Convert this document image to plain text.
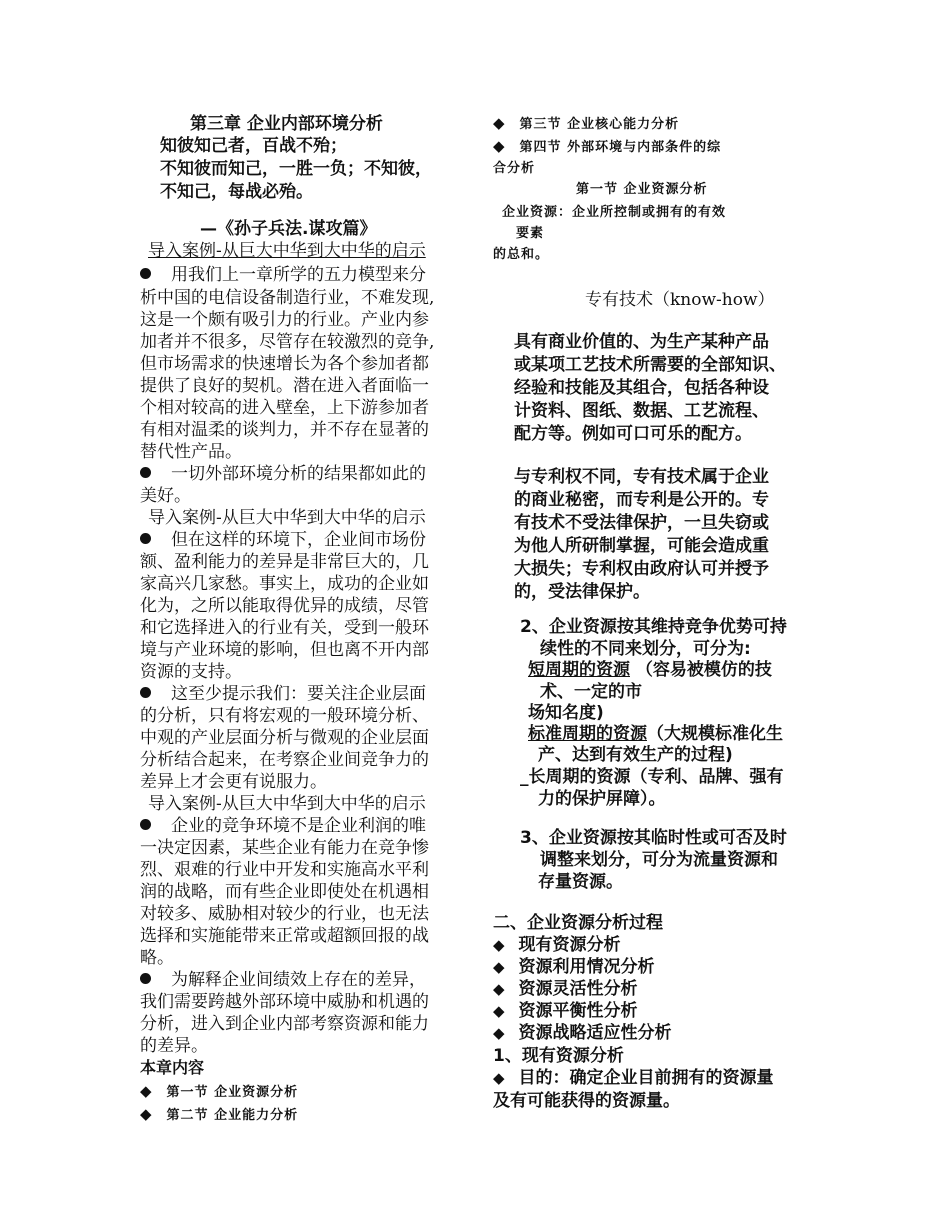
第三章 企业内部环境分析
知彼知己者，百战不殆；
不知彼而知己，一胜一负；不知彼，
不知己，每战必殆。
—《孙子兵法.谋攻篇》
导入案例-从巨大中华到大中华的启示
用我们上一章所学的五力模型来分
析中国的电信设备制造行业，不难发现,
这是一个颇有吸引力的行业。产业内参
加者并不很多，尽管存在较激烈的竞争,
但市场需求的快速增长为各个参加者都
提供了良好的契机。潜在进入者面临一
个相对较高的进入壁垒，上下游参加者
有相对温柔的谈判力，并不存在显著的
替代性产品。
一切外部环境分析的结果都如此的
美好。
导入案例-从巨大中华到大中华的启示
但在这样的环境下，企业间市场份
额、盈利能力的差异是非常巨大的，几
家高兴几家愁。事实上，成功的企业如
化为，之所以能取得优异的成绩，尽管
和它选择进入的行业有关，受到一般环
境与产业环境的影响，但也离不开内部
资源的支持。
这至少提示我们：要关注企业层面
的分析，只有将宏观的一般环境分析、
中观的产业层面分析与微观的企业层面
分析结合起来，在考察企业间竞争力的
差异上才会更有说服力。
导入案例-从巨大中华到大中华的启示
企业的竞争环境不是企业利润的唯
一决定因素，某些企业有能力在竞争惨
烈、艰难的行业中开发和实施高水平利
润的战略，而有些企业即使处在机遇相
对较多、威胁相对较少的行业，也无法
选择和实施能带来正常或超额回报的战
略。
为解释企业间绩效上存在的差异，
我们需要跨越外部环境中威胁和机遇的
分析，进入到企业内部考察资源和能力
的差异。
本章内容
◆ 第一节 企业资源分析
◆ 第二节 企业能力分析
◆ 第三节 企业核心能力分析
◆ 第四节 外部环境与内部条件的综
合分析
第一节 企业资源分析
企业资源：企业所控制或拥有的有效
要素
的总和。
专有技术（know-how）
具有商业价值的、为生产某种产品
或某项工艺技术所需要的全部知识、
经验和技能及其组合，包括各种设
计资料、图纸、数据、工艺流程、
配方等。例如可口可乐的配方。
与专利权不同，专有技术属于企业
的商业秘密，而专利是公开的。专
有技术不受法律保护，一旦失窃或
为他人所研制掌握，可能会造成重
大损失；专利权由政府认可并授予
的，受法律保护。
2、企业资源按其维持竞争优势可持
续性的不同来划分，可分为:
短周期的资源 （容易被模仿的技
术、一定的市
场知名度)
标准周期的资源（大规模标准化生
产、达到有效生产的过程)
_长周期的资源（专利、品牌、强有
力的保护屏障）。
3、企业资源按其临时性或可否及时
调整来划分，可分为流量资源和
存量资源。
二、企业资源分析过程
◆ 现有资源分析
◆ 资源利用情况分析
◆ 资源灵活性分析
◆ 资源平衡性分析
◆ 资源战略适应性分析
1、现有资源分析
◆ 目的：确定企业目前拥有的资源量
及有可能获得的资源量。
